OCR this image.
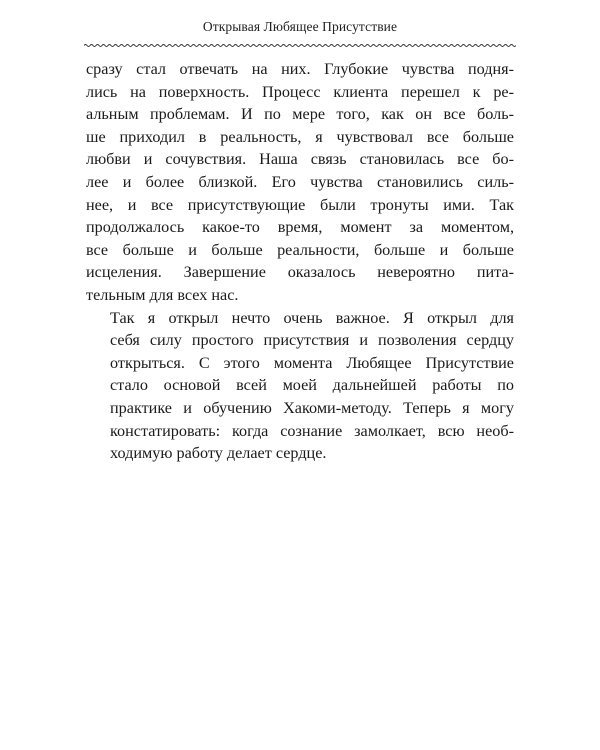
Открывая Любящее Присутствие

сразу стал отвечать на них. Глубокие чувства подня-
лись на поверхность. Процесс клиента перешел к ре-
альным проблемам. И по мере того, как он все боль-
ше приходил в реальность, я чувствовал все больше
любви и сочувствия. Наша связь становилась все бо-
лее и более близкой. Его чувства становились силь-
нее, и все присутствующие были тронуты ими. Так
продолжалось какое-то время, момент за моментом,
все больше и больше реальности, больше и больше
исцеления. Завершение оказалось невероятно пита-
тельным для всех нас.

Так я открыл нечто очень важное. Я открыл для
себя силу простого присутствия и позволения сердцу
открыться. С этого момента Любящее Присутствие
стало основой всей моей дальнейшей работы по
практике и обучению Хакоми-методу. Теперь я могу
констатировать: когда сознание замолкает, всю необ-
ходимую работу делает сердце.
